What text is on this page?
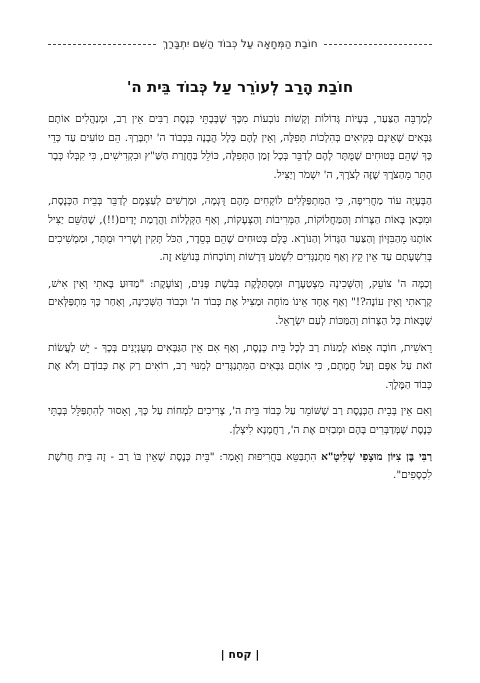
חוֹבַת הַמְּחָאָה עַל כְּבוֹד הַשֵּׁם יִתְבָּרַךְ
חוֹבַת הָרַב לְעוֹרֵר עַל כְּבוֹד בֵּית ה'

לְמַרְבֵּה הַצַּעַר, בְּעָיוֹת גְּדוֹלוֹת וְקָשׁוֹת נוֹבְעוֹת מִכָּךְ שֶׁבְּבָתֵּי כְּנֶסֶת רַבִּים אֵין רַב, וּמְנַהֲלִים אוֹתָם גַּבָּאִים שֶׁאֵינָם בְּקִיאִים בְּהִלְכוֹת תְּפִלָּה, וְאֵין לָהֶם כְּלָל הֲבָנָה בִּכְבוֹד ה' יִתְבָּרַךְ. הֵם טוֹעִים עַד כְּדֵי כָּךְ שֶׁהֵם בְּטוּחִים שֶׁמֻּתָּר לָהֶם לְדַבֵּר בְּכָל זְמַן הַתְּפִלָּה, כּוֹלֵל בַּחֲזָרַת הַשַּׁ"ץ וּבִקְדִישִׁים, כִּי קִבְּלוּ כְּבָר הֶתֵּר מֵהַצֹּרֶךְ שֶׁזֶּה לְצֹרֶךְ, ה' יִשְׁמֹר וְיַצִּיל.

הַבְּעָיָה עוֹד מַחֲרִיפָה, כִּי הַמִּתְפַּלְּלִים לוֹקְחִים מֵהֶם דֻּגְמָה, וּמַרְשִׁים לְעַצְמָם לְדַבֵּר בְּבֵית הַכְּנֶסֶת, וּמִכָּאן בָּאוֹת הַצָּרוֹת וְהַמַּחֲלוֹקוֹת, הַמְּרִיבוֹת וְהַצְּעָקוֹת, וְאַף הַקְּלָלוֹת וַהֲרָמַת יָדַיִם(!!), שֶׁהַשֵּׁם יַצִּיל אוֹתָנוּ מֵהַבִּזָּיוֹן וְהַצַּעַר הַגָּדוֹל וְהַנּוֹרָא. כֻּלָּם בְּטוּחִים שֶׁהֵם בְּסֵדֶר, הַכֹּל תָּקִין וְשָׁרִיר וּמֻתָּר, וּמַמְשִׁיכִים בְּרִשְׁעָתָם עַד אֵין קֵץ וְאַף מִתְנַגְּדִים לִשְׁמֹעַ דְּרָשׁוֹת וְתוֹכָחוֹת בְּנוֹשֵׂא זֶה.

וְכַמָּה ה' צוֹעֵק, וְהַשְּׁכִינָה מִצְטַעֶרֶת וּמִסְתַּלֶּקֶת בְּבֹשֶׁת פָּנִים, וְצוֹעֶקֶת: "מַדּוּעַ בָּאתִי וְאֵין אִישׁ, קָרָאתִי וְאֵין עוֹנֶה?!" וְאַף אֶחָד אֵינוֹ מוֹחֶה וּמַצִּיל אֶת כְּבוֹד ה' וּכְבוֹד הַשְּׁכִינָה, וְאַחַר כָּךְ מִתְפַּלְּאִים שֶׁבָּאוֹת כָּל הַצָּרוֹת וְהַמַּכּוֹת לְעַם יִשְׂרָאֵל.

רֵאשִׁית, חוֹבָה אֵפוֹא לְמַנּוֹת רַב לְכָל בֵּית כְּנֶסֶת, וְאַף אִם אֵין הַגַּבָּאִים מְעֻנְיָנִים בְּכָךְ - יֵשׁ לַעֲשׂוֹת זֹאת עַל אַפָּם וְעַל חֲמָתָם, כִּי אוֹתָם גַּבָּאִים הַמִּתְנַגְּדִים לְמִנּוּי רַב, רוֹאִים רַק אֶת כְּבוֹדָם וְלֹא אֶת כְּבוֹד הַמֶּלֶךְ.

וְאִם אֵין בְּבֵית הַכְּנֶסֶת רַב שֶׁשּׁוֹמֵר עַל כְּבוֹד בֵּית ה', צְרִיכִים לִמְחוֹת עַל כָּךְ, וְאָסוּר לְהִתְפַּלֵּל בְּבָתֵּי כְּנֶסֶת שֶׁמְּדַבְּרִים בָּהֶם וּמְבַזִּים אֶת ה', רַחֲמָנָא לִיצְלַן.

רַבִּי בֶּן צִיּוֹן מוּצָפִי שְׁלִיטָ"א הִתְבַּטֵּא בַּחֲרִיפוּת וְאָמַר: "בֵּית כְּנֶסֶת שֶׁאֵין בּוֹ רַב - זֶה בֵּית חֲרֹשֶׁת לִכְסָפִים".

| קסח |
